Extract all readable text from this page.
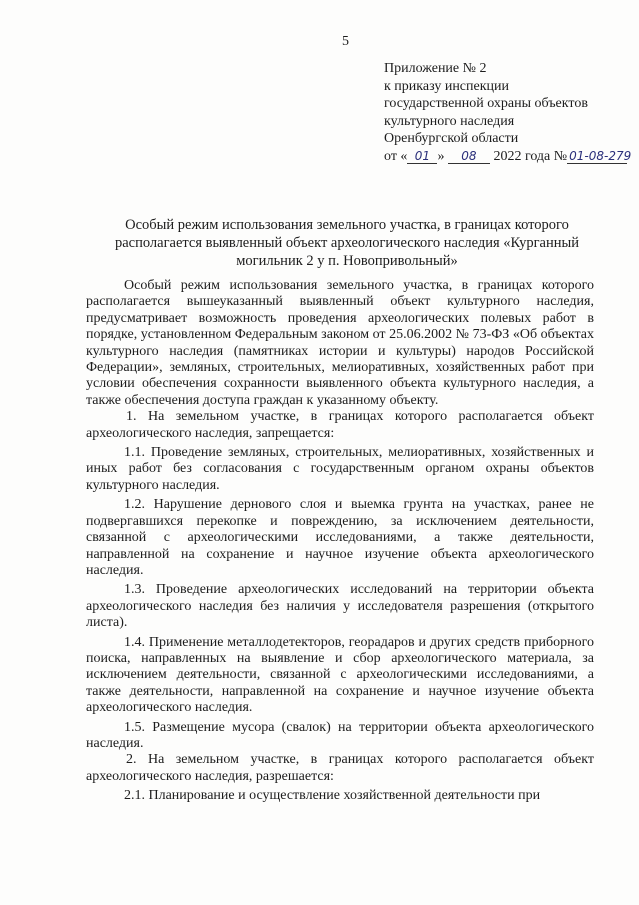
5
Приложение № 2
к приказу инспекции
государственной охраны объектов
культурного наследия
Оренбургской области
от « 01 » 08 2022 года № 01-08-279
Особый режим использования земельного участка, в границах которого располагается выявленный объект археологического наследия «Курганный могильник 2 у п. Новопривольный»

Особый режим использования земельного участка, в границах которого располагается вышеуказанный выявленный объект культурного наследия, предусматривает возможность проведения археологических полевых работ в порядке, установленном Федеральным законом от 25.06.2002 № 73-ФЗ «Об объектах культурного наследия (памятниках истории и культуры) народов Российской Федерации», земляных, строительных, мелиоративных, хозяйственных работ при условии обеспечения сохранности выявленного объекта культурного наследия, а также обеспечения доступа граждан к указанному объекту.

1. На земельном участке, в границах которого располагается объект археологического наследия, запрещается:

1.1. Проведение земляных, строительных, мелиоративных, хозяйственных и иных работ без согласования с государственным органом охраны объектов культурного наследия.

1.2. Нарушение дернового слоя и выемка грунта на участках, ранее не подвергавшихся перекопке и повреждению, за исключением деятельности, связанной с археологическими исследованиями, а также деятельности, направленной на сохранение и научное изучение объекта археологического наследия.

1.3. Проведение археологических исследований на территории объекта археологического наследия без наличия у исследователя разрешения (открытого листа).

1.4. Применение металлодетекторов, георадаров и других средств приборного поиска, направленных на выявление и сбор археологического материала, за исключением деятельности, связанной с археологическими исследованиями, а также деятельности, направленной на сохранение и научное изучение объекта археологического наследия.

1.5. Размещение мусора (свалок) на территории объекта археологического наследия.

2. На земельном участке, в границах которого располагается объект археологического наследия, разрешается:

2.1. Планирование и осуществление хозяйственной деятельности при
